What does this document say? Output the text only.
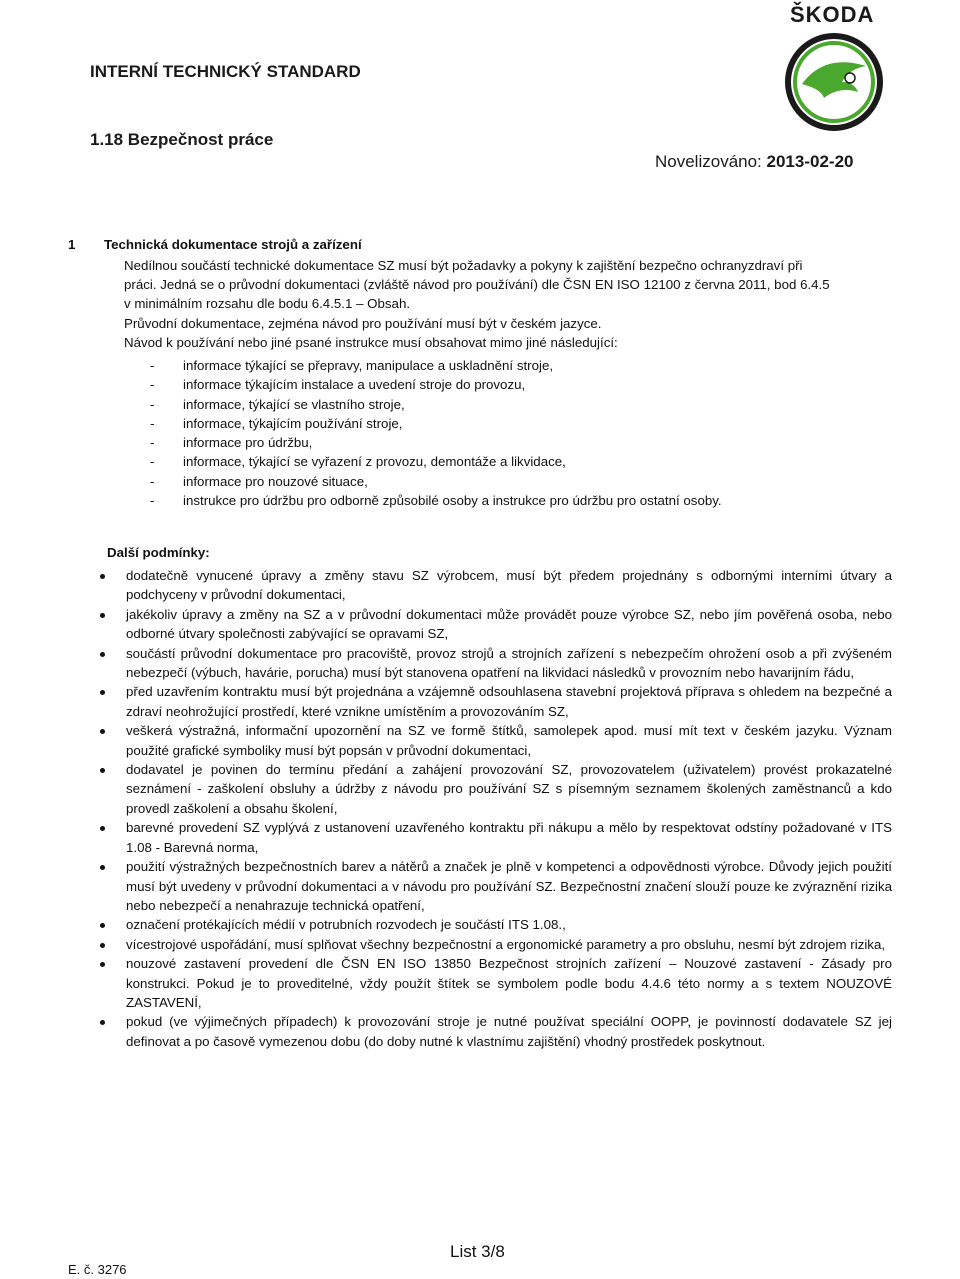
ŠKODA
INTERNÍ TECHNICKÝ STANDARD
1.18 Bezpečnost práce
Novelizováno: 2013-02-20
1 Technická dokumentace strojů a zařízení

Nedílnou součástí technické dokumentace SZ musí být požadavky a pokyny k zajištění bezpečno ochranyzdraví při

práci. Jedná se o průvodní dokumentaci (zvláště návod pro používání) dle ČSN EN ISO 12100 z června 2011, bod 6.4.5

v minimálním rozsahu dle bodu 6.4.5.1 – Obsah.

Průvodní dokumentace, zejména návod pro používání musí být v českém jazyce.

Návod k používání nebo jiné psané instrukce musí obsahovat mimo jiné následující:

-	informace týkající se přepravy, manipulace a uskladnění stroje,
-	informace týkajícím instalace a uvedení stroje do provozu,
-	informace, týkající se vlastního stroje,
-	informace, týkajícím používání stroje,
-	informace pro údržbu,
-	informace, týkající se vyřazení z provozu, demontáže a likvidace,
-	informace pro nouzové situace,
-	instrukce pro údržbu pro odborně způsobilé osoby a instrukce pro údržbu pro ostatní osoby.
Další podmínky:
dodatečně vynucené úpravy a změny stavu SZ výrobcem, musí být předem projednány s odbornými interními útvary a podchyceny v průvodní dokumentaci,
jakékoliv úpravy a změny na SZ a v průvodní dokumentaci může provádět pouze výrobce SZ, nebo jím pověřená osoba, nebo odborné útvary společnosti zabývající se opravami SZ,
součástí průvodní dokumentace pro pracoviště, provoz strojů a strojních zařízení s nebezpečím ohrožení osob a při zvýšeném nebezpečí (výbuch, havárie, porucha) musí být stanovena opatření na likvidaci následků v provozním nebo havarijním řádu,
před uzavřením kontraktu musí být projednána a vzájemně odsouhlasena stavební projektová příprava s ohledem na bezpečné a zdraví neohrožující prostředí, které vznikne umístěním a provozováním SZ,
veškerá výstražná, informační upozornění na SZ ve formě štítků, samolepek apod. musí mít text v českém jazyku. Význam použité grafické symboliky musí být popsán v průvodní dokumentaci,
dodavatel je povinen do termínu předání a zahájení provozování SZ, provozovatelem (uživatelem) provést prokazatelné seznámení - zaškolení obsluhy a údržby z návodu pro používání SZ s písemným seznamem školených zaměstnanců a kdo provedl zaškolení a obsahu školení,
barevné provedení SZ vyplývá z ustanovení uzavřeného kontraktu při nákupu a mělo by respektovat odstíny požadované v ITS 1.08 - Barevná norma,
použití výstražných bezpečnostních barev a nátěrů a značek je plně v kompetenci a odpovědnosti výrobce. Důvody jejich použití musí být uvedeny v průvodní dokumentaci a v návodu pro používání SZ. Bezpečnostní značení slouží pouze ke zvýraznění rizika nebo nebezpečí a nenahrazuje technická opatření,
označení protékajících médií v potrubních rozvodech je součástí ITS 1.08.,
vícestrojové uspořádání, musí splňovat všechny bezpečnostní a ergonomické parametry a pro obsluhu, nesmí být zdrojem rizika,
nouzové zastavení provedení dle ČSN EN ISO 13850 Bezpečnost strojních zařízení – Nouzové zastavení - Zásady pro konstrukci. Pokud je to proveditelné, vždy použít štítek se symbolem podle bodu 4.4.6 této normy a s textem NOUZOVÉ ZASTAVENÍ,
pokud (ve výjimečných případech) k provozování stroje je nutné používat speciální OOPP, je povinností dodavatele SZ jej definovat a po časově vymezenou dobu (do doby nutné k vlastnímu zajištění) vhodný prostředek poskytnout.
List 3/8
E. č. 3276
